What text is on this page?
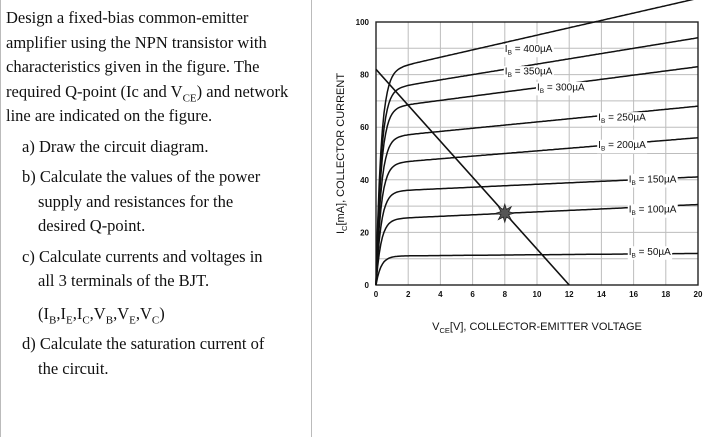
Design a fixed-bias common-emitter amplifier using the NPN transistor with characteristics given in the figure. The required Q-point (Ic and $V_{CE}$) and network line are indicated on the figure.

a) Draw the circuit diagram.
b) Calculate the values of the power
supply and resistances for the
desired Q-point.
c) Calculate currents and voltages in
all 3 terminals of the BJT.
$(I_B,I_E,I_C,V_B,V_E,V_C)$
d) Calculate the saturation current of
the circuit.
0	2	4	6	8	10	12	14	16	18	20
0
20
40
60
80
100
$V_{CE}[V]$, COLLECTOR-EMITTER VOLTAGE
$I_C[mA]$, COLLECTOR CURRENT
$I_B = 50\mu A$
$I_B = 100\mu A$
$I_B = 150\mu A$
$I_B = 200\mu A$
$I_B = 250\mu A$
$I_B = 300\mu A$
$I_B = 350\mu A$
$I_B = 400\mu A$
